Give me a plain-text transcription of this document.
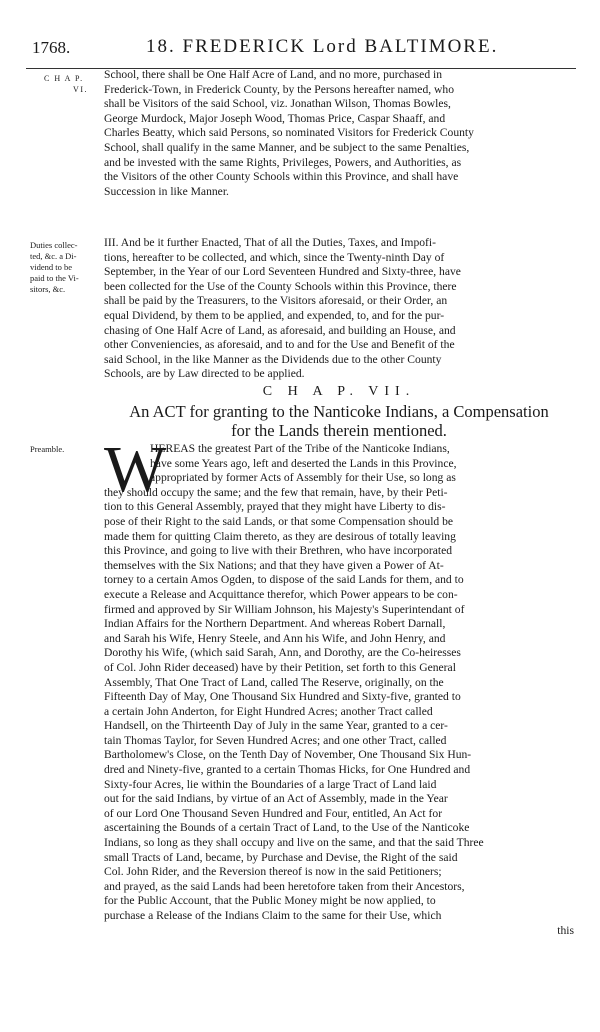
1768.	18. FREDERICK Lord BALTIMORE.
C H A P.
VI.
School, there shall be One Half Acre of Land, and no more, purchased in
Frederick-Town, in Frederick County, by the Persons hereafter named, who
shall be Visitors of the said School, viz. Jonathan Wilson, Thomas Bowles,
George Murdock, Major Joseph Wood, Thomas Price, Caspar Shaaff, and
Charles Beatty, which said Persons, so nominated Visitors for Frederick County
School, shall qualify in the same Manner, and be subject to the same Penalties,
and be invested with the same Rights, Privileges, Powers, and Authorities, as
the Visitors of the other County Schools within this Province, and shall have
Succession in like Manner.
Duties collec-
ted, &c. a Di-
vidend to be
paid to the Vi-
sitors, &c.
III. And be it further Enacted, That of all the Duties, Taxes, and Impofi-
tions, hereafter to be collected, and which, since the Twenty-ninth Day of
September, in the Year of our Lord Seventeen Hundred and Sixty-three, have
been collected for the Use of the County Schools within this Province, there
shall be paid by the Treasurers, to the Visitors aforesaid, or their Order, an
equal Dividend, by them to be applied, and expended, to, and for the pur-
chasing of One Half Acre of Land, as aforesaid, and building an House, and
other Conveniencies, as aforesaid, and to and for the Use and Benefit of the
said School, in the like Manner as the Dividends due to the other County
Schools, are by Law directed to be applied.
C H A P. VII.
An ACT for granting to the Nanticoke Indians, a Compensation
for the Lands therein mentioned.
Preamble. W
HEREAS the greatest Part of the Tribe of the Nanticoke Indians,
have some Years ago, left and deserted the Lands in this Province,
appropriated by former Acts of Assembly for their Use, so long as
they should occupy the same; and the few that remain, have, by their Peti-
tion to this General Assembly, prayed that they might have Liberty to dis-
pose of their Right to the said Lands, or that some Compensation should be
made them for quitting Claim thereto, as they are desirous of totally leaving
this Province, and going to live with their Brethren, who have incorporated
themselves with the Six Nations; and that they have given a Power of At-
torney to a certain Amos Ogden, to dispose of the said Lands for them, and to
execute a Release and Acquittance therefor, which Power appears to be con-
firmed and approved by Sir William Johnson, his Majesty's Superintendant of
Indian Affairs for the Northern Department. And whereas Robert Darnall,
and Sarah his Wife, Henry Steele, and Ann his Wife, and John Henry, and
Dorothy his Wife, (which said Sarah, Ann, and Dorothy, are the Co-heiresses
of Col. John Rider deceased) have by their Petition, set forth to this General
Assembly, That One Tract of Land, called The Reserve, originally, on the
Fifteenth Day of May, One Thousand Six Hundred and Sixty-five, granted to
a certain John Anderton, for Eight Hundred Acres; another Tract called
Handsell, on the Thirteenth Day of July in the same Year, granted to a cer-
tain Thomas Taylor, for Seven Hundred Acres; and one other Tract, called
Bartholomew's Close, on the Tenth Day of November, One Thousand Six Hun-
dred and Ninety-five, granted to a certain Thomas Hicks, for One Hundred and
Sixty-four Acres, lie within the Boundaries of a large Tract of Land laid
out for the said Indians, by virtue of an Act of Assembly, made in the Year
of our Lord One Thousand Seven Hundred and Four, entitled, An Act for
ascertaining the Bounds of a certain Tract of Land, to the Use of the Nanticoke
Indians, so long as they shall occupy and live on the same, and that the said Three
small Tracts of Land, became, by Purchase and Devise, the Right of the said
Col. John Rider, and the Reversion thereof is now in the said Petitioners;
and prayed, as the said Lands had been heretofore taken from their Ancestors,
for the Public Account, that the Public Money might be now applied, to
purchase a Release of the Indians Claim to the same for their Use, which
this
